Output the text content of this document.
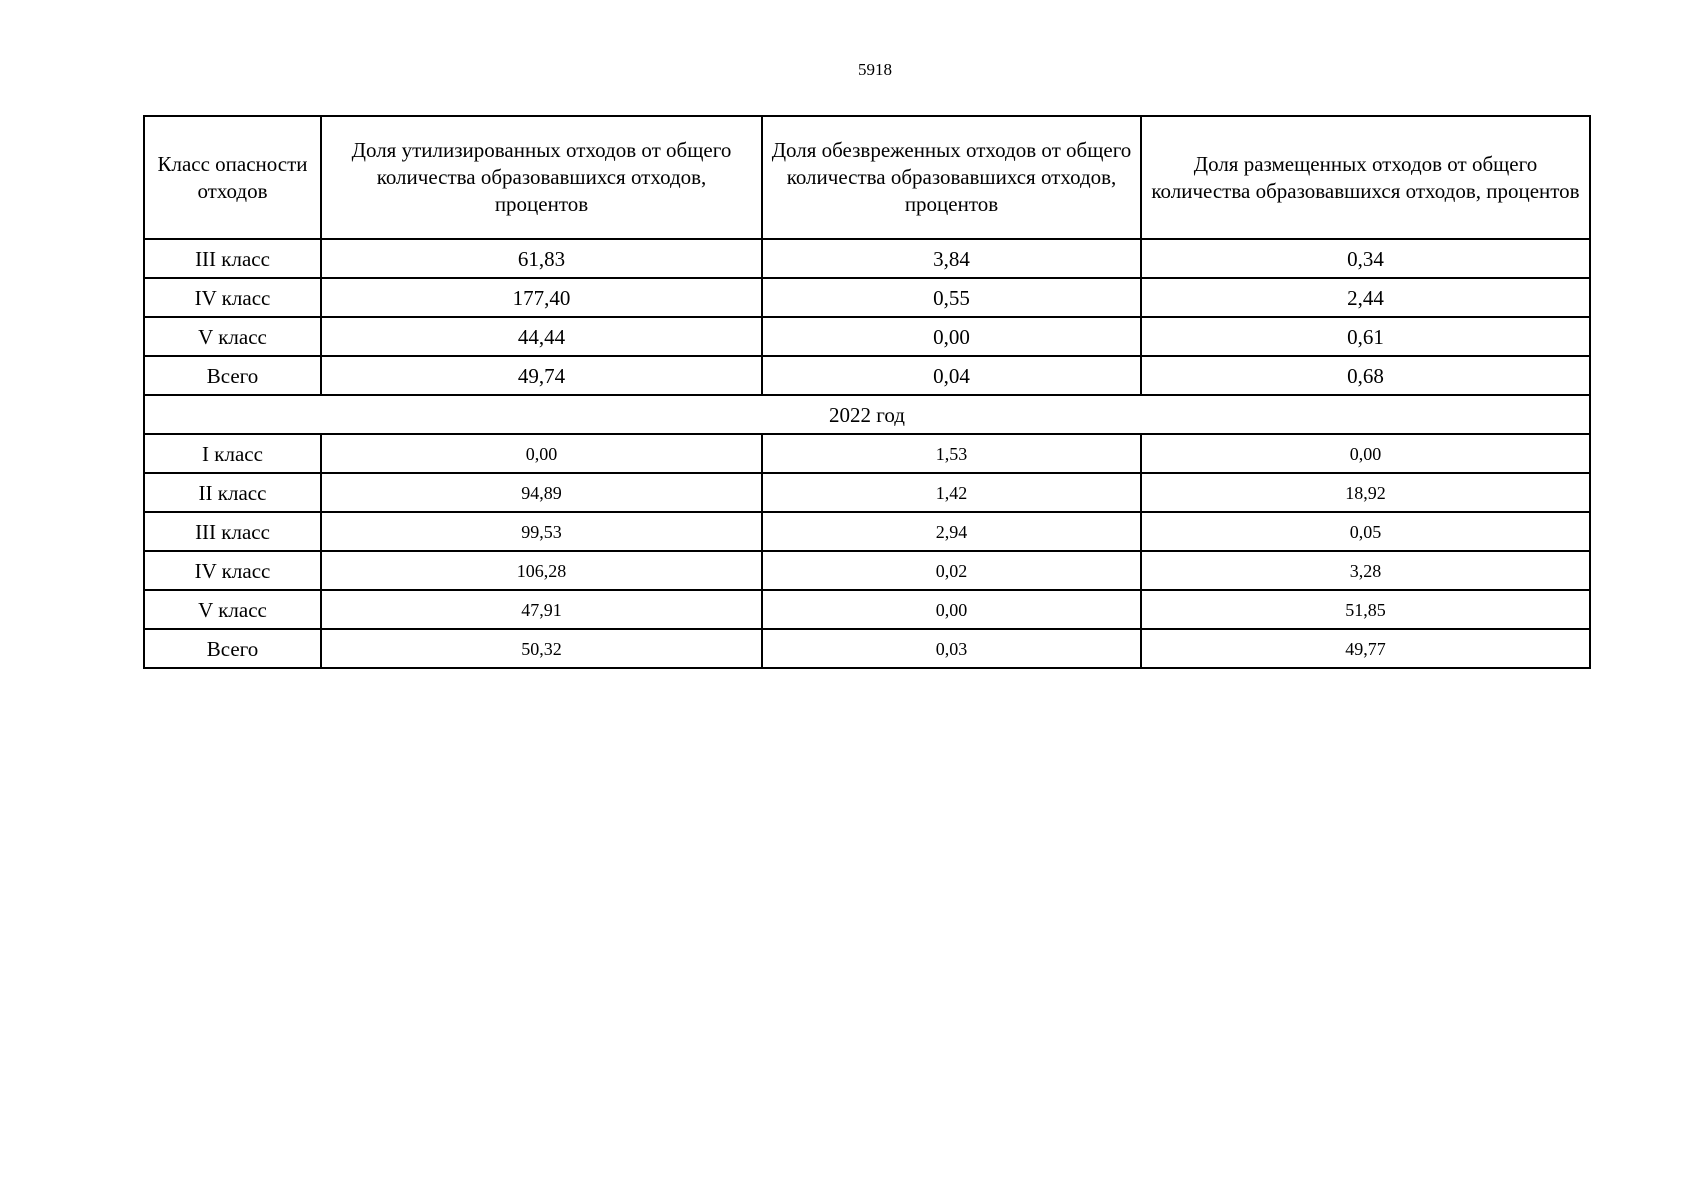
5918
Класс опасности отходов	Доля утилизированных отходов от общего количества образовавшихся отходов, процентов	Доля обезвреженных отходов от общего количества образовавшихся отходов, процентов	Доля размещенных отходов от общего количества образовавшихся отходов, процентов
III класс	61,83	3,84	0,34
IV класс	177,40	0,55	2,44
V класс	44,44	0,00	0,61
Всего	49,74	0,04	0,68
2022 год			
I класс	0,00	1,53	0,00
II класс	94,89	1,42	18,92
III класс	99,53	2,94	0,05
IV класс	106,28	0,02	3,28
V класс	47,91	0,00	51,85
Всего	50,32	0,03	49,77
